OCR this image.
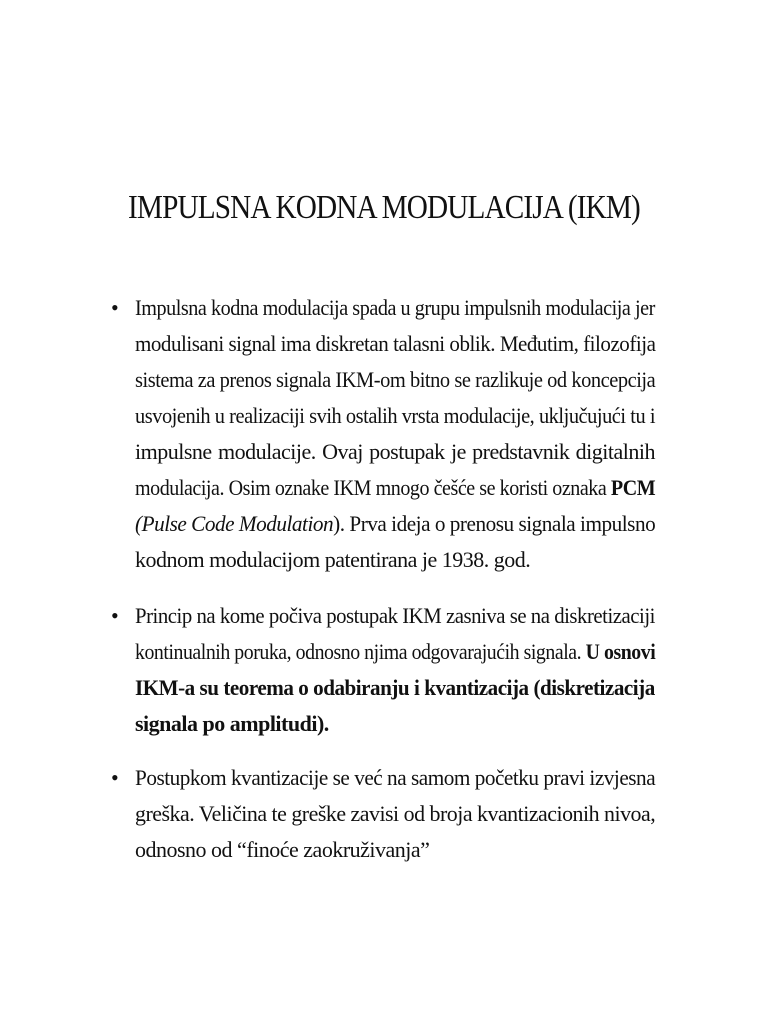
IMPULSNA KODNA MODULACIJA (IKM)
• Impulsna kodna modulacija spada u grupu impulsnih modulacija jer
modulisani signal ima diskretan talasni oblik. Međutim, filozofija
sistema za prenos signala IKM-om bitno se razlikuje od koncepcija
usvojenih u realizaciji svih ostalih vrsta modulacije, uključujući tu i
impulsne modulacije. Ovaj postupak je predstavnik digitalnih
modulacija. Osim oznake IKM mnogo češće se koristi oznaka PCM
(Pulse Code Modulation). Prva ideja o prenosu signala impulsno
kodnom modulacijom patentirana je 1938. god.
• Princip na kome počiva postupak IKM zasniva se na diskretizaciji
kontinualnih poruka, odnosno njima odgovarajućih signala. U osnovi
IKM-a su teorema o odabiranju i kvantizacija (diskretizacija
signala po amplitudi).
• Postupkom kvantizacije se već na samom početku pravi izvjesna
greška. Veličina te greške zavisi od broja kvantizacionih nivoa,
odnosno od “finoće zaokruživanja”
